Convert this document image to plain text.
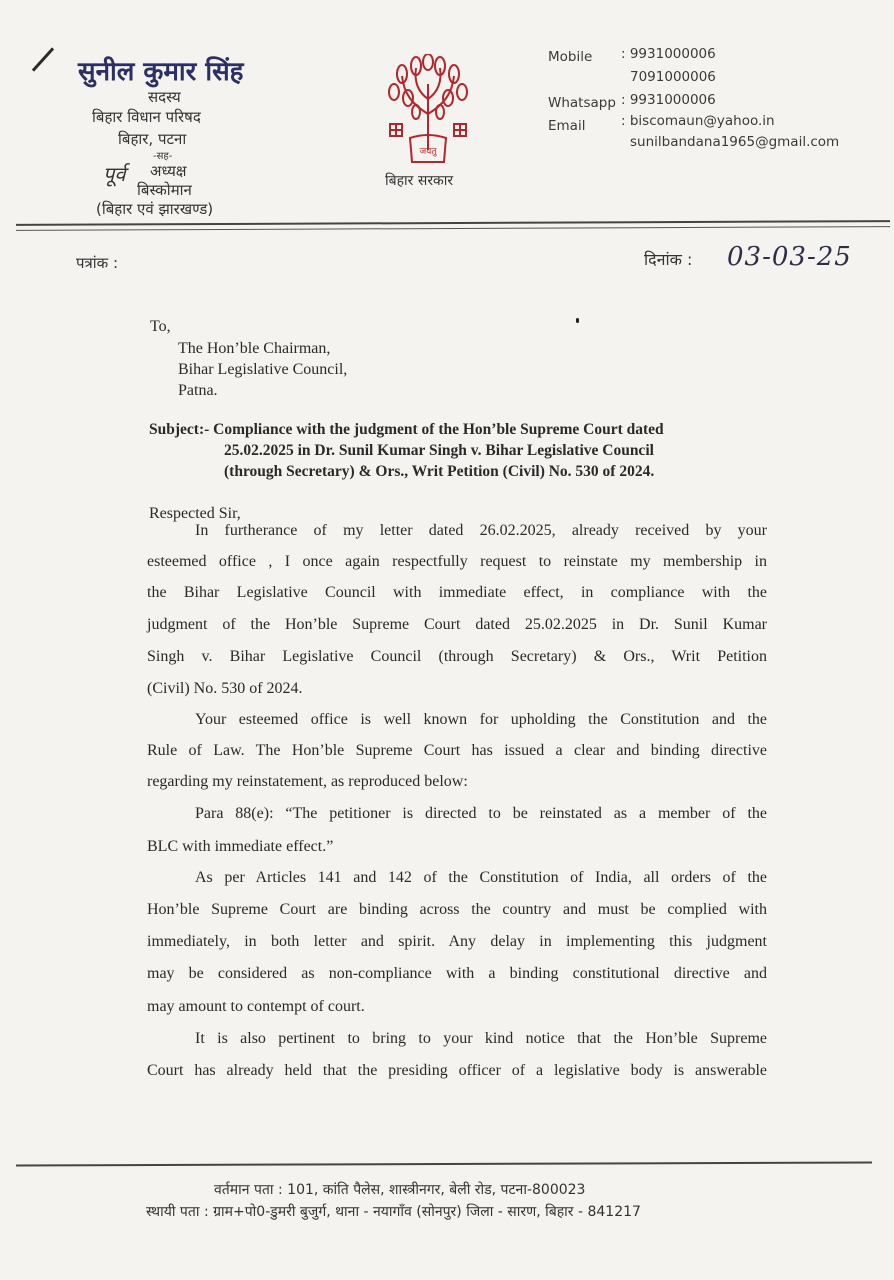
सुनील कुमार सिंह
सदस्य
बिहार विधान परिषद
बिहार, पटना
-सह-
पूर्व अध्यक्ष
बिस्कोमान
(बिहार एवं झारखण्ड)
जयतु
बिहार सरकार
Mobile : 9931000006
7091000006
Whatsapp : 9931000006
Email	: biscomaun@yahoo.in
sunilbandana1965@gmail.com
पत्रांक :	दिनांक : 03-03-25
To,
The Hon’ble Chairman,
Bihar Legislative Council,
Patna.
Subject:- Compliance with the judgment of the Hon’ble Supreme Court dated
25.02.2025 in Dr. Sunil Kumar Singh v. Bihar Legislative Council
(through Secretary) & Ors., Writ Petition (Civil) No. 530 of 2024.
Respected Sir,
In furtherance of my letter dated 26.02.2025, already received by your
esteemed office , I once again respectfully request to reinstate my membership in
the Bihar Legislative Council with immediate effect, in compliance with the
judgment of the Hon’ble Supreme Court dated 25.02.2025 in Dr. Sunil Kumar
Singh v. Bihar Legislative Council (through Secretary) & Ors., Writ Petition
(Civil) No. 530 of 2024.
Your esteemed office is well known for upholding the Constitution and the
Rule of Law. The Hon’ble Supreme Court has issued a clear and binding directive
regarding my reinstatement, as reproduced below:
Para 88(e): “The petitioner is directed to be reinstated as a member of the
BLC with immediate effect.”
As per Articles 141 and 142 of the Constitution of India, all orders of the
Hon’ble Supreme Court are binding across the country and must be complied with
immediately, in both letter and spirit. Any delay in implementing this judgment
may be considered as non-compliance with a binding constitutional directive and
may amount to contempt of court.
It is also pertinent to bring to your kind notice that the Hon’ble Supreme
Court has already held that the presiding officer of a legislative body is answerable
वर्तमान पता : 101, कांति पैलेस, शास्त्रीनगर, बेली रोड, पटना-800023
स्थायी पता : ग्राम+पो0-डुमरी बुजुर्ग, थाना - नयागाँव (सोनपुर) जिला - सारण, बिहार - 841217
